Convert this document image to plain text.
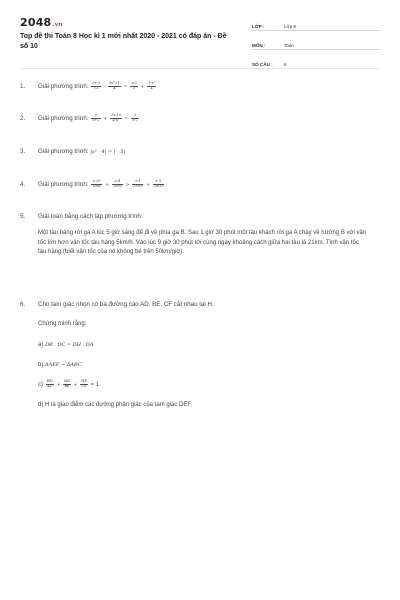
2048.vn
Top đề thi Toán 8 Học kì 1 mới nhất 2020 - 2021 có đáp án - Đề số 10
LỚP :	Lớp 8
MÔN :	Toán
SỐ CÂU :	6
1.	Giải phương trình: $\frac{5x-3}{12} - \frac{\text{3x²+1}}{4} = \frac{x-3}{3} + \frac{\text{1-x²}}{4}$
2.	Giải phương trình: $\frac{x}{x+2} + \frac{2x-10}{\text{4-x²}} = \frac{2}{x-2}$
3.	Giải phương trình: |x² - 4| = | - 5|
4.	Giải phương trình: $\frac{x-20}{1980} + \frac{x-4}{2000} > \frac{x-1}{2003} + \frac{x-3}{2003}$
5.	Giải toán bằng cách lập phương trình:
Một tàu hàng rời ga A lúc 5 giờ sáng để đi về phía ga B. Sau 1 giờ 30 phút một tàu khách rời ga A chạy về hướng B với vận tốc lớn hơn vận tốc tàu hàng 5km/h. Vào lúc 9 giờ 30 phút tới cùng ngày khoảng cách giữa hai tàu là 21km. Tính vận tốc tàu hàng (biết vận tốc của nó không bé trên 50km/giờ).
6.	Cho tam giác nhọn có ba đường cao AD, BE, CF cắt nhau tại H.
Chứng minh rằng:
a) DB . DC = DH . DA
b) ΔAEF ~ ΔABC
$c) \frac{HD}{AD} + \frac{HE}{BE} + \frac{HF}{CF} = 1$
d) H là giao điểm các đường phân giác của tam giác DEF.
